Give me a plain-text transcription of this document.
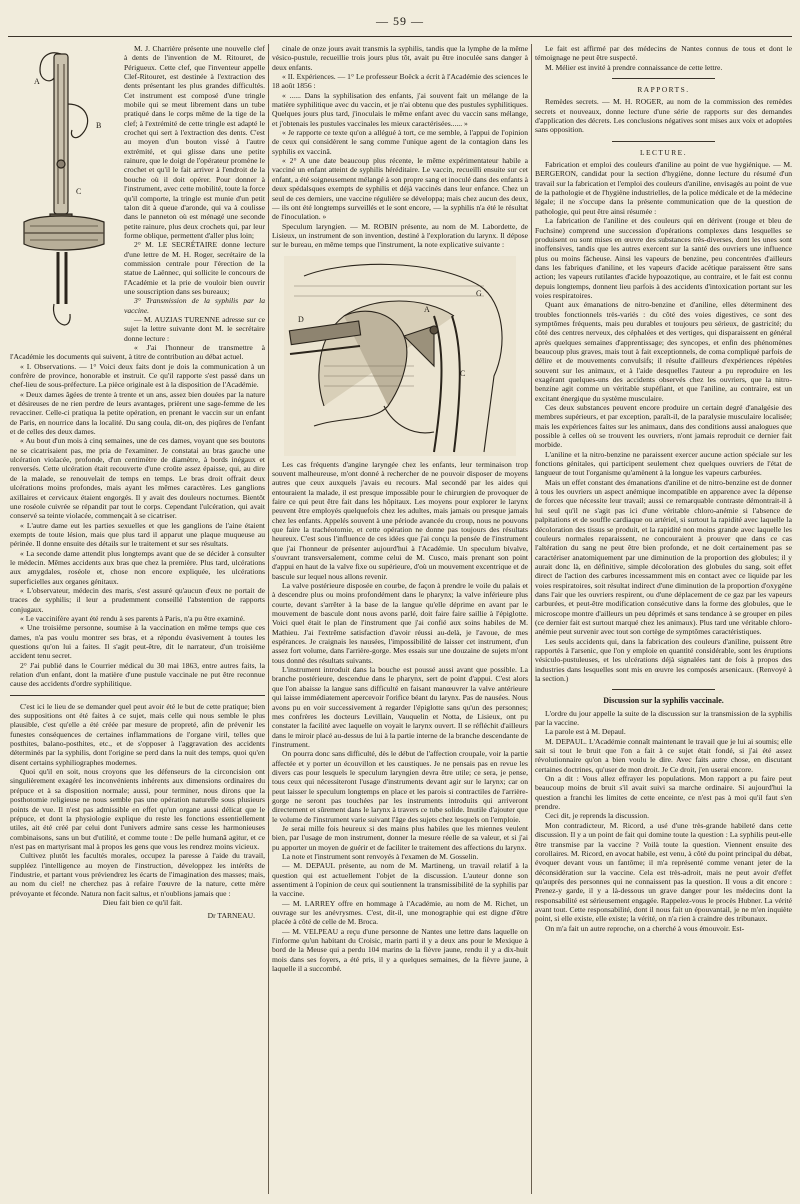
— 59 —
A
B
C

M. J. Charrière présente une nouvelle clef à dents de l'invention de M. Ritouret, de Périgueux. Cette clef, que l'inventeur appelle Clef-Ritouret, est destinée à l'extraction des dents présentant les plus grandes difficultés. Cet instrument est composé d'une tringle mobile qui se meut librement dans un tube pratiqué dans le corps même de la tige de la clef; à l'extrémité de cette tringle est adapté le crochet qui sert à l'extraction des dents. C'est au moyen d'un bouton vissé à l'autre extrémité, et qui glisse dans une petite rainure, que le doigt de l'opérateur promène le crochet et qu'il le fait arriver à l'endroit de la bouche où il doit opérer. Pour donner à l'instrument, avec cette mobilité, toute la force qu'il comporte, la tringle est munie d'un petit talon dit à queue d'aronde, qui va à coulisse dans le panneton où est ménagé une seconde petite rainure, plus deux crochets qui, par leur forme oblique, permettent d'aller plus loin;

2° M. LE SECRÉTAIRE donne lecture d'une lettre de M. H. Roger, secrétaire de la commission centrale pour l'érection de la statue de Laënnec, qui sollicite le concours de l'Académie et la prie de vouloir bien ouvrir une souscription dans ses bureaux;

3° Transmission de la syphilis par la vaccine.

— M. AUZIAS TURENNE adresse sur ce sujet la lettre suivante dont M. le secrétaire donne lecture :

« J'ai l'honneur de transmettre à l'Académie les documents qui suivent, à titre de contribution au débat actuel.

« I. Observations. — 1° Voici deux faits dont je dois la communication à un confrère de province, honorable et instruit. Ce qu'il rapporte s'est passé dans un chef-lieu de sous-préfecture. La pièce originale est à la disposition de l'Académie.

« Deux dames âgées de trente à trente et un ans, assez bien douées par la nature et désireuses de ne rien perdre de leurs avantages, prièrent une sage-femme de les revacciner. Celle-ci pratiqua la petite opération, en prenant le vaccin sur un enfant de Paris, en nourrice dans la localité. Du sang coula, dit-on, des piqûres de l'enfant et de celles des deux dames.

« Au bout d'un mois à cinq semaines, une de ces dames, voyant que ses boutons ne se cicatrisaient pas, me pria de l'examiner. Je constatai au bras gauche une ulcération violacée, profonde, d'un centimètre de diamètre, à bords inégaux et renversés. Cette ulcération était recouverte d'une croûte assez épaisse, qui, au dire de la malade, se renouvelait de temps en temps. Le bras droit offrait deux ulcérations moins profondes, mais ayant les mêmes caractères. Les ganglions axillaires et cervicaux étaient engorgés. Il y avait des douleurs nocturnes. Bientôt une roséole cuivrée se répandit par tout le corps. Cependant l'ulcération, qui avait conservé sa teinte violacée, commençait à se cicatriser.

« L'autre dame eut les parties sexuelles et que les ganglions de l'aine étaient exempts de toute lésion, mais que plus tard il apparut une plaque muqueuse au périnée. Il donne ensuite des détails sur le traitement et sur ses résultats.

« La seconde dame attendit plus longtemps avant que de se décider à consulter le médecin. Mêmes accidents aux bras que chez la première. Plus tard, ulcérations aux amygdales, roséole et, chose non encore expliquée, les ulcérations superficielles aux organes génitaux.

« L'observateur, médecin des maris, s'est assuré qu'aucun d'eux ne portait de traces de syphilis; il leur a prudemment conseillé l'abstention de rapports conjugaux.

« Le vaccinifère ayant été rendu à ses parents à Paris, n'a pu être examiné.

« Une troisième personne, soumise à la vaccination en même temps que ces dames, n'a pas voulu montrer ses bras, et a répondu évasivement à toutes les questions qu'on lui a faites. Il s'agit peut-être, dit le narrateur, d'un troisième accident tenu secret.

2° J'ai publié dans le Courrier médical du 30 mai 1863, entre autres faits, la relation d'un enfant, dont la matière d'une pustule vaccinale ne put être reconnue cause des accidents d'ordre syphilitique.

C'est ici le lieu de se demander quel peut avoir été le but de cette pratique; bien des suppositions ont été faites à ce sujet, mais celle qui nous semble le plus plausible, c'est qu'elle a été créée par mesure de propreté, afin de prévenir les funestes conséquences de certaines inflammations de l'organe viril, telles que posthites, balano-posthites, etc., et de s'opposer à l'aggravation des accidents déterminés par la syphilis, dont l'origine se perd dans la nuit des temps, quoi qu'en disent certains syphiliographes modernes.

Quoi qu'il en soit, nous croyons que les défenseurs de la circoncision ont singulièrement exagéré les inconvénients inhérents aux dimensions ordinaires du prépuce et à sa disposition normale; aussi, pour terminer, nous dirons que la posthotomie religieuse ne nous semble pas une opération naturelle sous plusieurs points de vue. Il n'est pas admissible en effet qu'un organe aussi délicat que le prépuce, et dont la physiologie explique du reste les fonctions essentiellement utiles, ait été créé par celui dont l'univers admire sans cesse les harmonieuses combinaisons, sans un but d'utilité, et comme toute : De pelle humanâ agitur, et ce n'est pas en martyrisant mal à propos les gens que vous les rendrez moins vicieux.

Cultivez plutôt les facultés morales, occupez la paresse à l'aide du travail, suppléez l'intelligence au moyen de l'instruction, développez les intérêts de l'industrie, et partant vous préviendrez les écarts de l'imagination des masses; mais, au nom du ciel! ne cherchez pas à refaire l'œuvre de la nature, cette mère prévoyante et féconde. Natura non facit saltus, et n'oublions jamais que :

Dieu fait bien ce qu'il fait.

Dr TARNEAU.

cinale de onze jours avait transmis la syphilis, tandis que la lymphe de la même vésico-pustule, recueillie trois jours plus tôt, avait pu être inoculée sans danger à deux enfants.

« II. Expériences. — 1° Le professeur Boëck a écrit à l'Académie des sciences le 18 août 1856 :

« ...... Dans la syphilisation des enfants, j'ai souvent fait un mélange de la matière syphilitique avec du vaccin, et je n'ai obtenu que des pustules syphilitiques. Quelques jours plus tard, j'inoculais le même enfant avec du vaccin sans mélange, et j'obtenais les pustules vaccinales les mieux caractérisées...... »

« Je rapporte ce texte qu'on a allégué à tort, ce me semble, à l'appui de l'opinion de ceux qui considèrent le sang comme l'unique agent de la contagion dans les syphilis ex vaccinâ.

« 2° A une date beaucoup plus récente, le même expérimentateur habile a vacciné un enfant atteint de syphilis héréditaire. Le vaccin, recueilli ensuite sur cet enfant, a été soigneusement mélangé à son propre sang et inoculé dans des enfants à deux spédalsques exempts de syphilis et déjà vaccinés dans leur enfance. Chez un seul de ces derniers, une vaccine régulière se développa; mais chez aucun des deux, — ils ont été longtemps surveillés et le sont encore, — la syphilis n'a été le résultat de l'inoculation. »

Speculum laryngien. — M. ROBIN présente, au nom de M. Labordette, de Lisieux, un instrument de son invention, destiné à l'exploration du larynx. Il dépose sur le bureau, en même temps que l'instrument, la note explicative suivante :

D
G
A
C

Les cas fréquents d'angine laryngée chez les enfants, leur terminaison trop souvent malheureuse, m'ont donné à rechercher de ne pouvoir disposer de moyens autres que ceux auxquels j'avais eu recours. Mal secondé par les aides qui entouraient la malade, il est presque impossible pour le chirurgien de provoquer de faire ce qui peut être fait dans les hôpitaux. Les moyens pour explorer le larynx peuvent être employés quelquefois chez les adultes, mais jamais ou presque jamais chez les enfants. Appelés souvent à une période avancée du croup, nous ne pouvons que faire la trachéotomie, et cette opération ne donne pas toujours des résultats heureux. C'est sous l'influence de ces idées que j'ai conçu la pensée de l'instrument que j'ai l'honneur de présenter aujourd'hui à l'Académie. Un speculum bivalve, s'ouvrant transversalement, comme celui de M. Cusco, mais prenant son point d'appui en haut de la valve fixe ou supérieure, d'où un mouvement excentrique et de bascule sur lequel nous allons revenir.

La valve postérieure disposée en courbe, de façon à prendre le voile du palais et à descendre plus ou moins profondément dans le pharynx; la valve inférieure plus courte, devant s'arrêter à la base de la langue qu'elle déprime en avant par le mouvement de bascule dont nous avons parlé, doit faire faire saillie à l'épiglotte. Voici quel était le plan de l'instrument que j'ai confié aux soins habiles de M. Mathieu. J'ai l'extrême satisfaction d'avoir réussi au-delà, je l'avoue, de mes espérances. Je craignais les nausées, l'impossibilité de laisser cet instrument, d'un assez fort volume, dans l'arrière-gorge. Mes essais sur une douzaine de sujets m'ont tous donné des résultats suivants.

L'instrument introduit dans la bouche est poussé aussi avant que possible. La branche postérieure, descendue dans le pharynx, sert de point d'appui. C'est alors que l'on abaisse la langue sans difficulté en faisant manœuvrer la valve antérieure qui laisse immédiatement apercevoir l'orifice béant du larynx. Pas de nausées. Nous avons pu en voir successivement à regarder l'épiglotte sans qu'un des personnes; mes confrères les docteurs Levillain, Vauquelin et Notta, de Lisieux, ont pu constater la facilité avec laquelle on voyait le larynx ouvert. Il se réfléchit d'ailleurs dans le miroir placé au-dessus de lui à la partie interne de la branche descendante de l'instrument.

On pourra donc sans difficulté, dès le début de l'affection croupale, voir la partie affectée et y porter un écouvillon et les caustiques. Je ne pensais pas en revue les divers cas pour lesquels le speculum laryngien devra être utile; ce sera, je pense, tous ceux qui nécessiteront l'usage d'instruments devant agir sur le larynx; car on peut laisser le speculum longtemps en place et les parois si contractiles de l'arrière-gorge ne seront pas touchées par les instruments introduits qui arriveront directement et sûrement dans le larynx à travers ce tube solide. Inutile d'ajouter que le volume de l'instrument varie suivant l'âge des sujets chez lesquels on l'emploie.

Je serai mille fois heureux si des mains plus habiles que les miennes veulent bien, par l'usage de mon instrument, donner la mesure réelle de sa valeur, et si j'ai pu apporter un moyen de guérir et de faciliter le traitement des affections du larynx.

La note et l'instrument sont renvoyés à l'examen de M. Gosselin.

— M. DEPAUL présente, au nom de M. Martineng, un travail relatif à la question qui est actuellement l'objet de la discussion. L'auteur donne son assentiment à l'opinion de ceux qui soutiennent la transmissibilité de la syphilis par la vaccine.

— M. LARREY offre en hommage à l'Académie, au nom de M. Richet, un ouvrage sur les anévrysmes. C'est, dit-il, une monographie qui est digne d'être placée à côté de celle de M. Broca.

— M. VELPEAU a reçu d'une personne de Nantes une lettre dans laquelle on l'informe qu'un habitant du Croisic, marin parti il y a deux ans pour le Mexique à bord de la Meuse qui a perdu 104 marins de la fièvre jaune, rendu il y a dix-huit mois dans ses foyers, a été pris, il y a quelques semaines, de la fièvre jaune, à laquelle il a succombé.

Le fait est affirmé par des médecins de Nantes connus de tous et dont le témoignage ne peut être suspecté.

M. Mélier est invité à prendre connaissance de cette lettre.

RAPPORTS.

Remèdes secrets. — M. H. ROGER, au nom de la commission des remèdes secrets et nouveaux, donne lecture d'une série de rapports sur des demandes d'application des décrets. Les conclusions négatives sont mises aux voix et adoptées sans opposition.

LECTURE.

Fabrication et emploi des couleurs d'aniline au point de vue hygiénique. — M. BERGERON, candidat pour la section d'hygiène, donne lecture du résumé d'un travail sur la fabrication et l'emploi des couleurs d'aniline, envisagés au point de vue de la pathologie et de l'hygiène industrielles, de la police médicale et de la médecine légale; il ne s'occupe dans la présente communication que de la question de pathologie, qui peut être ainsi résumée :

La fabrication de l'aniline et des couleurs qui en dérivent (rouge et bleu de Fuchsine) comprend une succession d'opérations complexes dans lesquelles se produisent ou sont mises en œuvre des substances très-diverses, dont les unes sont inoffensives, tandis que les autres exercent sur la santé des ouvriers une influence plus ou moins fâcheuse. Ainsi les vapeurs de benzine, peu concentrées d'ailleurs dans les fabriques d'aniline, et les vapeurs d'acide acétique paraissent être sans action; les vapeurs rutilantes d'acide hypoazotique, au contraire, et le fait est connu depuis longtemps, donnent lieu parfois à des accidents d'intoxication portant sur les voies respiratoires.

Quant aux émanations de nitro-benzine et d'aniline, elles déterminent des troubles fonctionnels très-variés : du côté des voies digestives, ce sont des symptômes fréquents, mais peu durables et toujours peu sérieux, de gastricité; du côté des centres nerveux, des céphalées et des vertiges, qui disparaissent en général après quelques semaines d'apprentissage; des syncopes, et enfin des phénomènes beaucoup plus graves, mais tout à fait exceptionnels, de coma compliqué parfois de délire et de mouvements convulsifs; il résulte d'ailleurs d'expériences répétées souvent sur les animaux, et à l'aide desquelles l'auteur a pu reproduire en les exagérant quelques-uns des accidents observés chez les ouvriers, que la nitro-benzine agit comme un véritable stupéfiant, et que l'aniline, au contraire, est un excitant énergique du système musculaire.

Ces deux substances peuvent encore produire un certain degré d'analgésie des membres supérieurs, et par exception, paraît-il, de la paralysie musculaire localisée; mais les expériences faites sur les animaux, dans des conditions aussi analogues que possible à celles où se trouvent les ouvriers, n'ont jamais reproduit ce dernier fait morbide.

L'aniline et la nitro-benzine ne paraissent exercer aucune action spéciale sur les fonctions génitales, qui participent seulement chez quelques ouvriers de l'état de langueur de tout l'organisme qu'amènent à la longue les vapeurs carburées.

Mais un effet constant des émanations d'aniline et de nitro-benzine est de donner à tous les ouvriers un aspect anémique incompatible en apparence avec la dépense de forces que nécessite leur travail; aussi ce remarquable contraste démontrait-il à lui seul qu'il ne s'agit pas ici d'une véritable chloro-anémie si l'absence de palpitations et de souffle cardiaque ou artériel, si surtout la rapidité avec laquelle la décoloration des tissus se produit, et la rapidité non moins grande avec laquelle les couleurs normales reparaissent, ne concouraient à prouver que dans ce cas l'altération du sang ne peut être bien profonde, et ne doit certainement pas se caractériser anatomiquement par une diminution de la proportion des globules; il y aurait donc là, en définitive, simple décoloration des globules du sang, soit effet direct de l'action des carbures incessamment mis en contact avec ce liquide par les voies respiratoires, soit résultat indirect d'une diminution de la proportion d'oxygène dans l'air que les ouvriers respirent, ou d'une déplacement de ce gaz par les vapeurs carburées, et peut-être modification consécutive dans la forme des globules, que le microscope montre d'ailleurs un peu déprimés et sans tendance à se grouper en piles (ce dernier fait est surtout marqué chez les animaux). Plus tard une véritable chloro-anémie peut survenir avec tout son cortège de symptômes caractéristiques.

Les seuls accidents qui, dans la fabrication des couleurs d'aniline, puissent être rapportés à l'arsenic, que l'on y emploie en quantité considérable, sont les éruptions vésiculo-pustuleuses, et les ulcérations déjà signalées tant de fois à propos des industries dans lesquelles sont mis en œuvre les composés arsenicaux. (Renvoyé à la section.)

Discussion sur la syphilis vaccinale.

L'ordre du jour appelle la suite de la discussion sur la transmission de la syphilis par la vaccine.

La parole est à M. Depaul.

M. DEPAUL. L'Académie connaît maintenant le travail que je lui ai soumis; elle sait si tout le bruit que l'on a fait à ce sujet était fondé, si j'ai été assez révolutionnaire qu'on a bien voulu le dire. Avec faits autre chose, en discutant certaines doctrines, qu'user de mon droit. Je Ce droit, j'en userai encore.

On a dit : Vous allez effrayer les populations. Mon rapport a pu faire peut beaucoup moins de bruit s'il avait suivi sa marche ordinaire. Si aujourd'hui la question a franchi les limites de cette enceinte, ce n'est pas à moi qu'il faut s'en prendre.

Ceci dit, je reprends la discussion.

Mon contradicteur, M. Ricord, a usé d'une très-grande habileté dans cette discussion. Il y a un point de fait qui domine toute la question : La syphilis peut-elle être transmise par la vaccine ? Voilà toute la question. Viennent ensuite des corollaires. M. Ricord, en avocat habile, est venu, à côté du point principal du débat, évoquer devant vous un fantôme; il m'a représenté comme venant jeter de la déconsidération sur la vaccine. Cela est très-adroit, mais ne peut avoir d'effet qu'auprès des personnes qui ne connaissent pas la question. Il vous a dit encore : Prenez-y garde, il y a là-dessous un grave danger pour les médecins dont la responsabilité est sérieusement engagée. Rappelez-vous le procès Hubner. La vérité avant tout. Cette responsabilité, dont il nous fait un épouvantail, je ne m'en inquiète point, si elle existe, elle existe; la vérité, on n'a rien à craindre des tribunaux.

On m'a fait un autre reproche, on a cherché à vous émouvoir. Est-
